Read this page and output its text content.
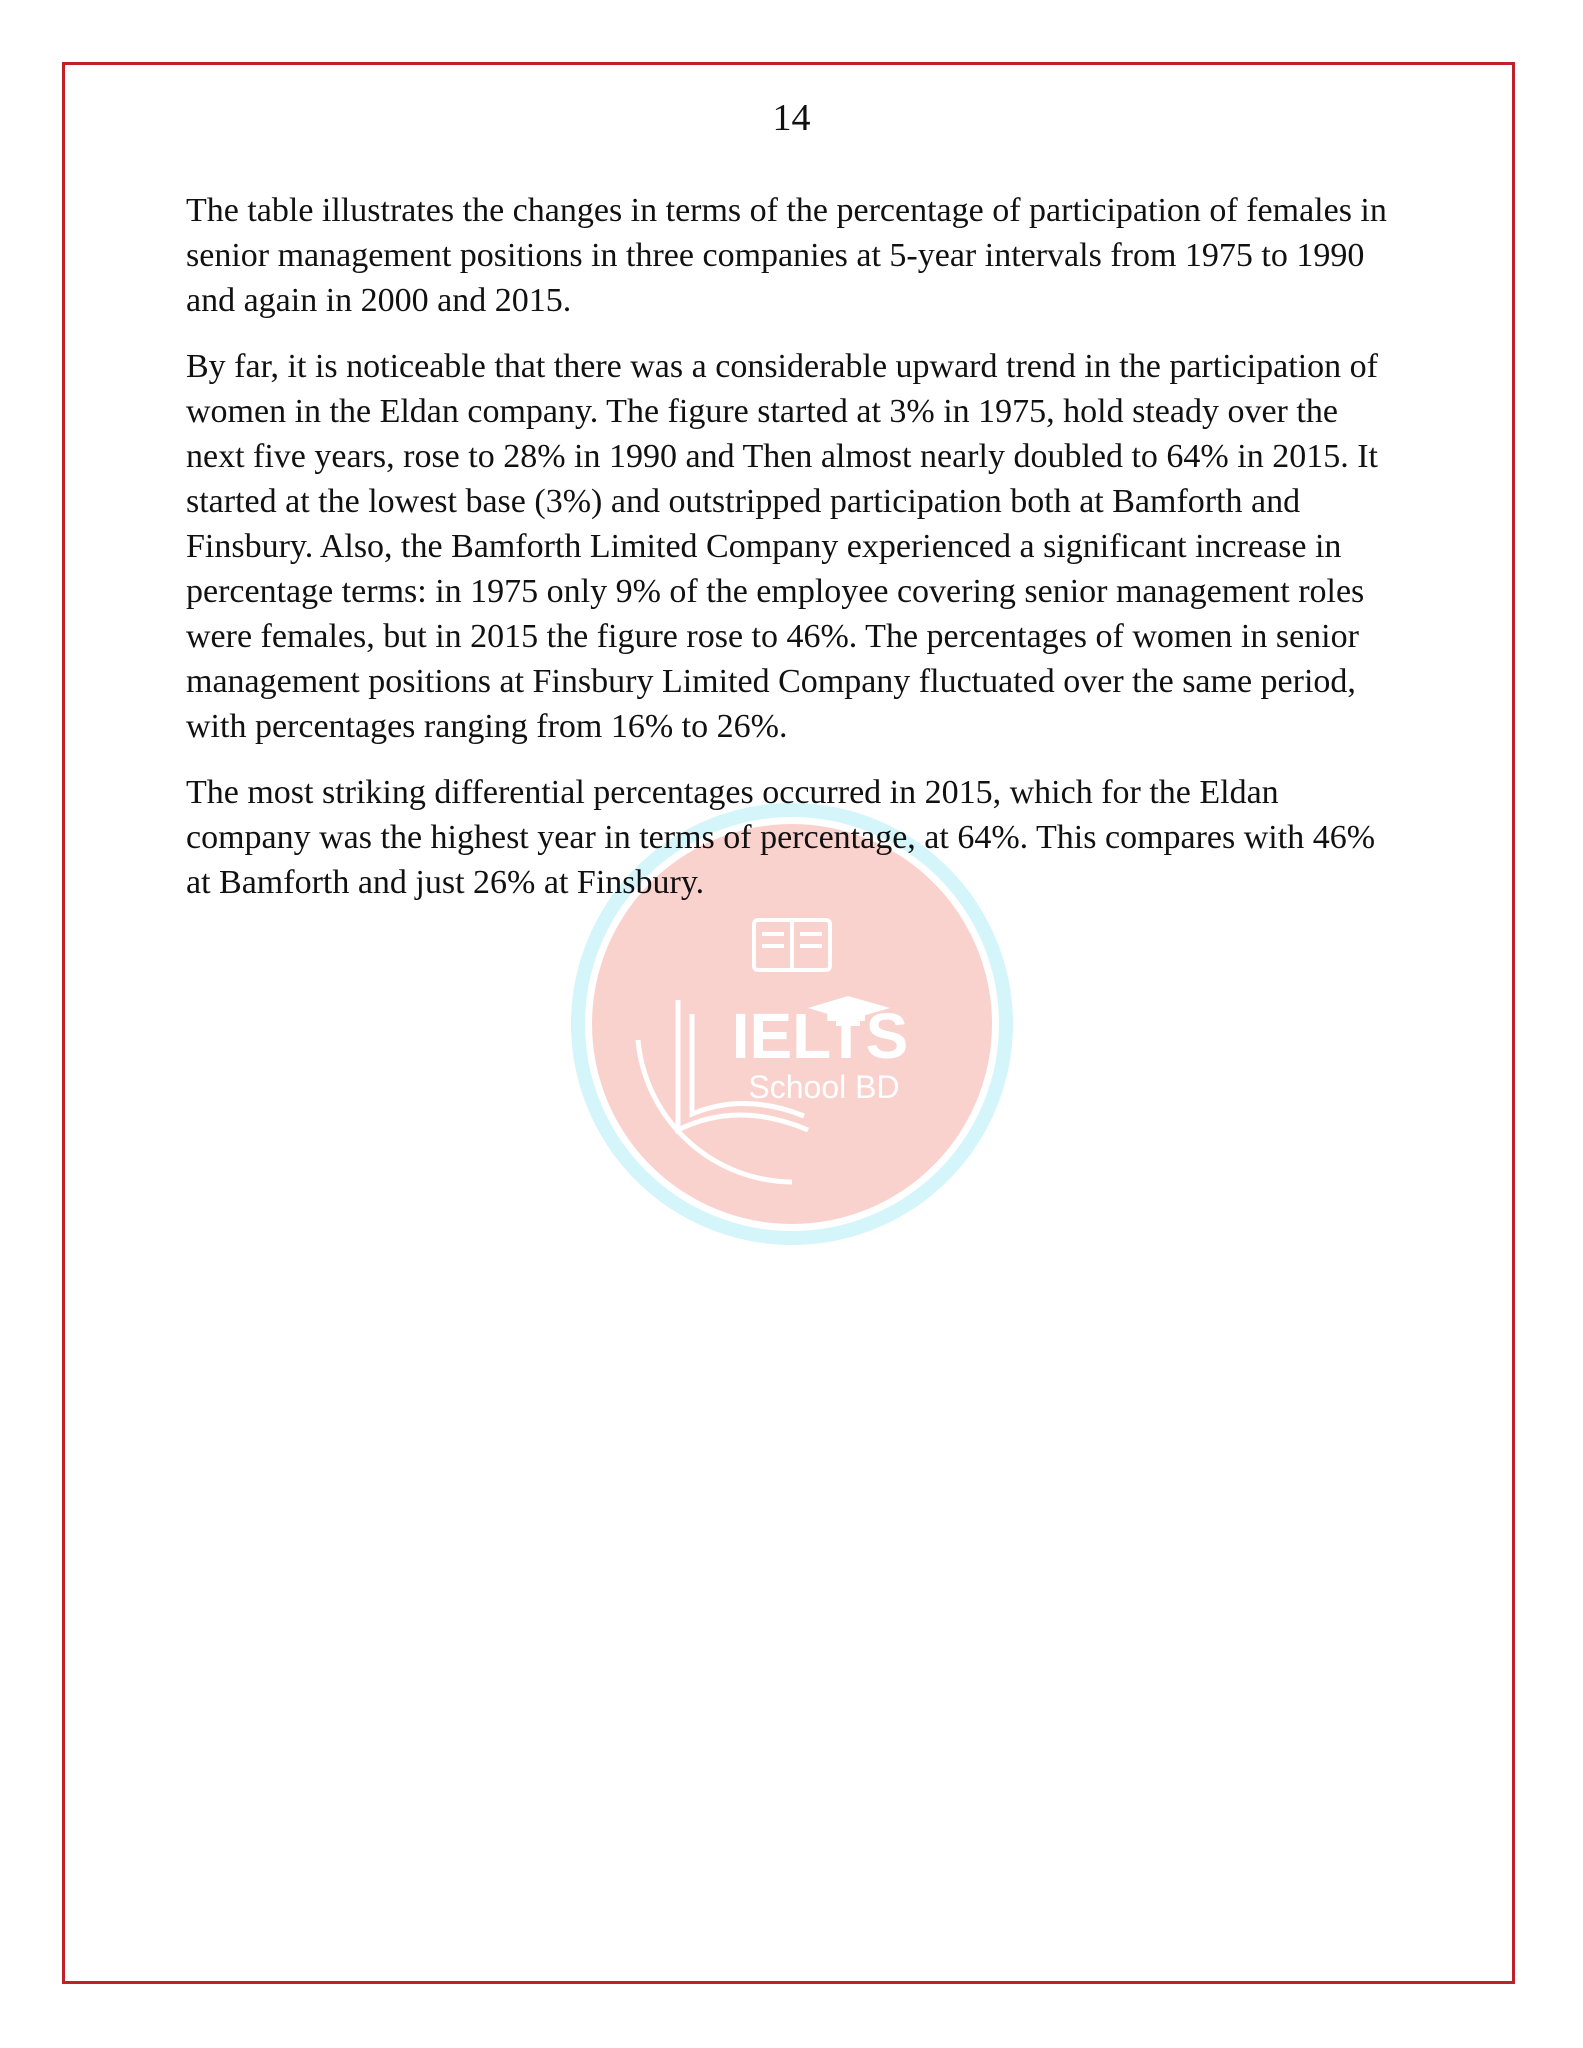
14
IELTS
School BD

The table illustrates the changes in terms of the percentage of participation of females in senior management positions in three companies at 5-year intervals from 1975 to 1990 and again in 2000 and 2015.

By far, it is noticeable that there was a considerable upward trend in the participation of women in the Eldan company. The figure started at 3% in 1975, hold steady over the next five years, rose to 28% in 1990 and Then almost nearly doubled to 64% in 2015. It started at the lowest base (3%) and outstripped participation both at Bamforth and Finsbury. Also, the Bamforth Limited Company experienced a significant increase in percentage terms: in 1975 only 9% of the employee covering senior management roles were females, but in 2015 the figure rose to 46%. The percentages of women in senior management positions at Finsbury Limited Company fluctuated over the same period, with percentages ranging from 16% to 26%.

The most striking differential percentages occurred in 2015, which for the Eldan company was the highest year in terms of percentage, at 64%. This compares with 46% at Bamforth and just 26% at Finsbury.
